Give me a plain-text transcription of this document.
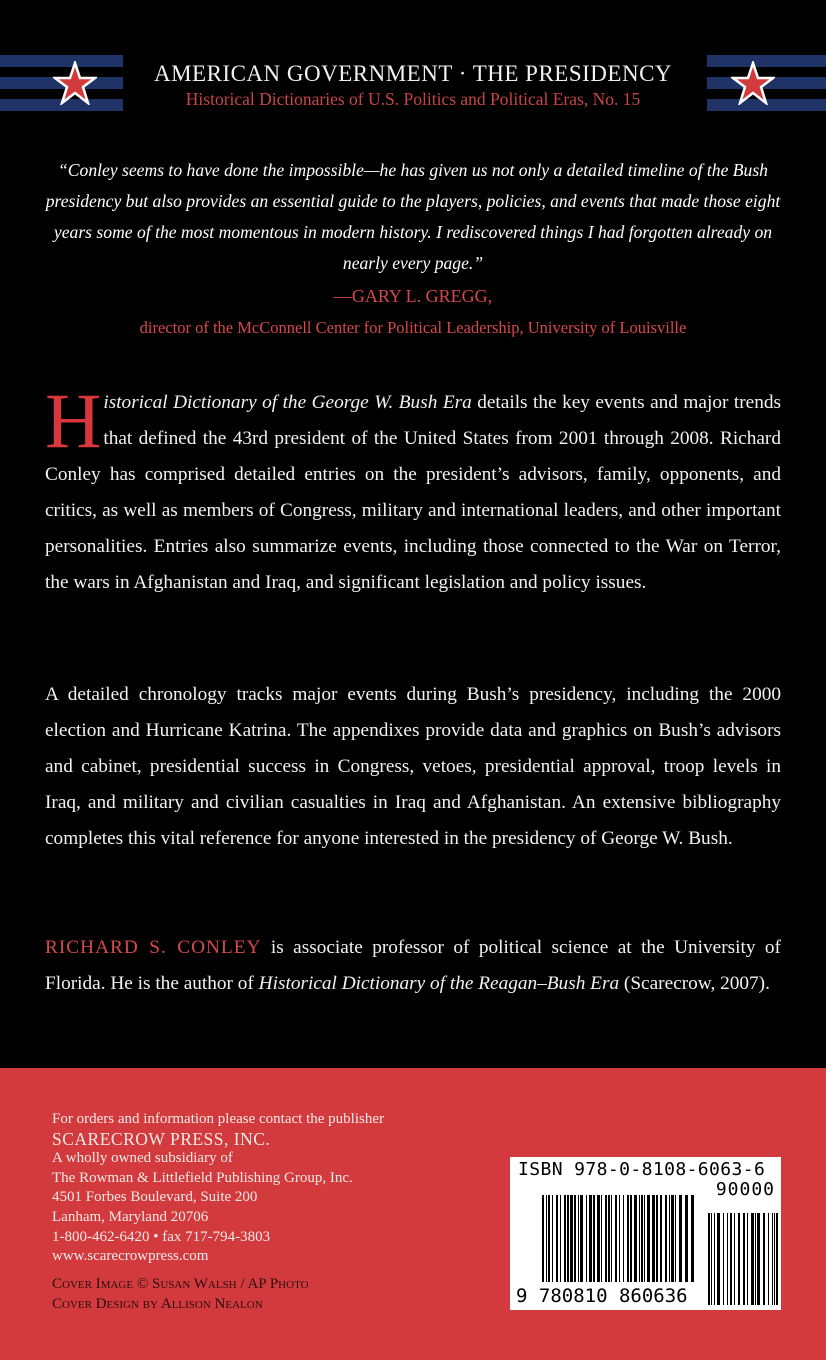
AMERICAN GOVERNMENT · THE PRESIDENCY
Historical Dictionaries of U.S. Politics and Political Eras, No. 15
“Conley seems to have done the impossible—he has given us not only a detailed timeline of the Bush presidency but also provides an essential guide to the players, policies, and events that made those eight years some of the most momentous in modern history. I rediscovered things I had forgotten already on nearly every page.”
—GARY L. GREGG,
director of the McConnell Center for Political Leadership, University of Louisville
Historical Dictionary of the George W. Bush Era details the key events and major trends that defined the 43rd president of the United States from 2001 through 2008. Richard Conley has comprised detailed entries on the president’s advisors, family, opponents, and critics, as well as members of Congress, military and international leaders, and other important personalities. Entries also summarize events, including those connected to the War on Terror, the wars in Afghanistan and Iraq, and significant legislation and policy issues.
A detailed chronology tracks major events during Bush’s presidency, including the 2000 election and Hurricane Katrina. The appendixes provide data and graphics on Bush’s advisors and cabinet, presidential success in Congress, vetoes, presidential approval, troop levels in Iraq, and military and civilian casualties in Iraq and Afghanistan. An extensive bibliography completes this vital reference for anyone interested in the presidency of George W. Bush.
RICHARD S. CONLEY is associate professor of political science at the University of Florida. He is the author of Historical Dictionary of the Reagan–Bush Era (Scarecrow, 2007).
For orders and information please contact the publisher
SCARECROW PRESS, INC.
A wholly owned subsidiary of
The Rowman & Littlefield Publishing Group, Inc.
4501 Forbes Boulevard, Suite 200
Lanham, Maryland 20706
1-800-462-6420 • fax 717-794-3803
www.scarecrowpress.com
Cover Image © Susan Walsh / AP Photo
Cover Design by Allison Nealon
ISBN 978-0-8108-6063-6
90000
9 780810 860636
